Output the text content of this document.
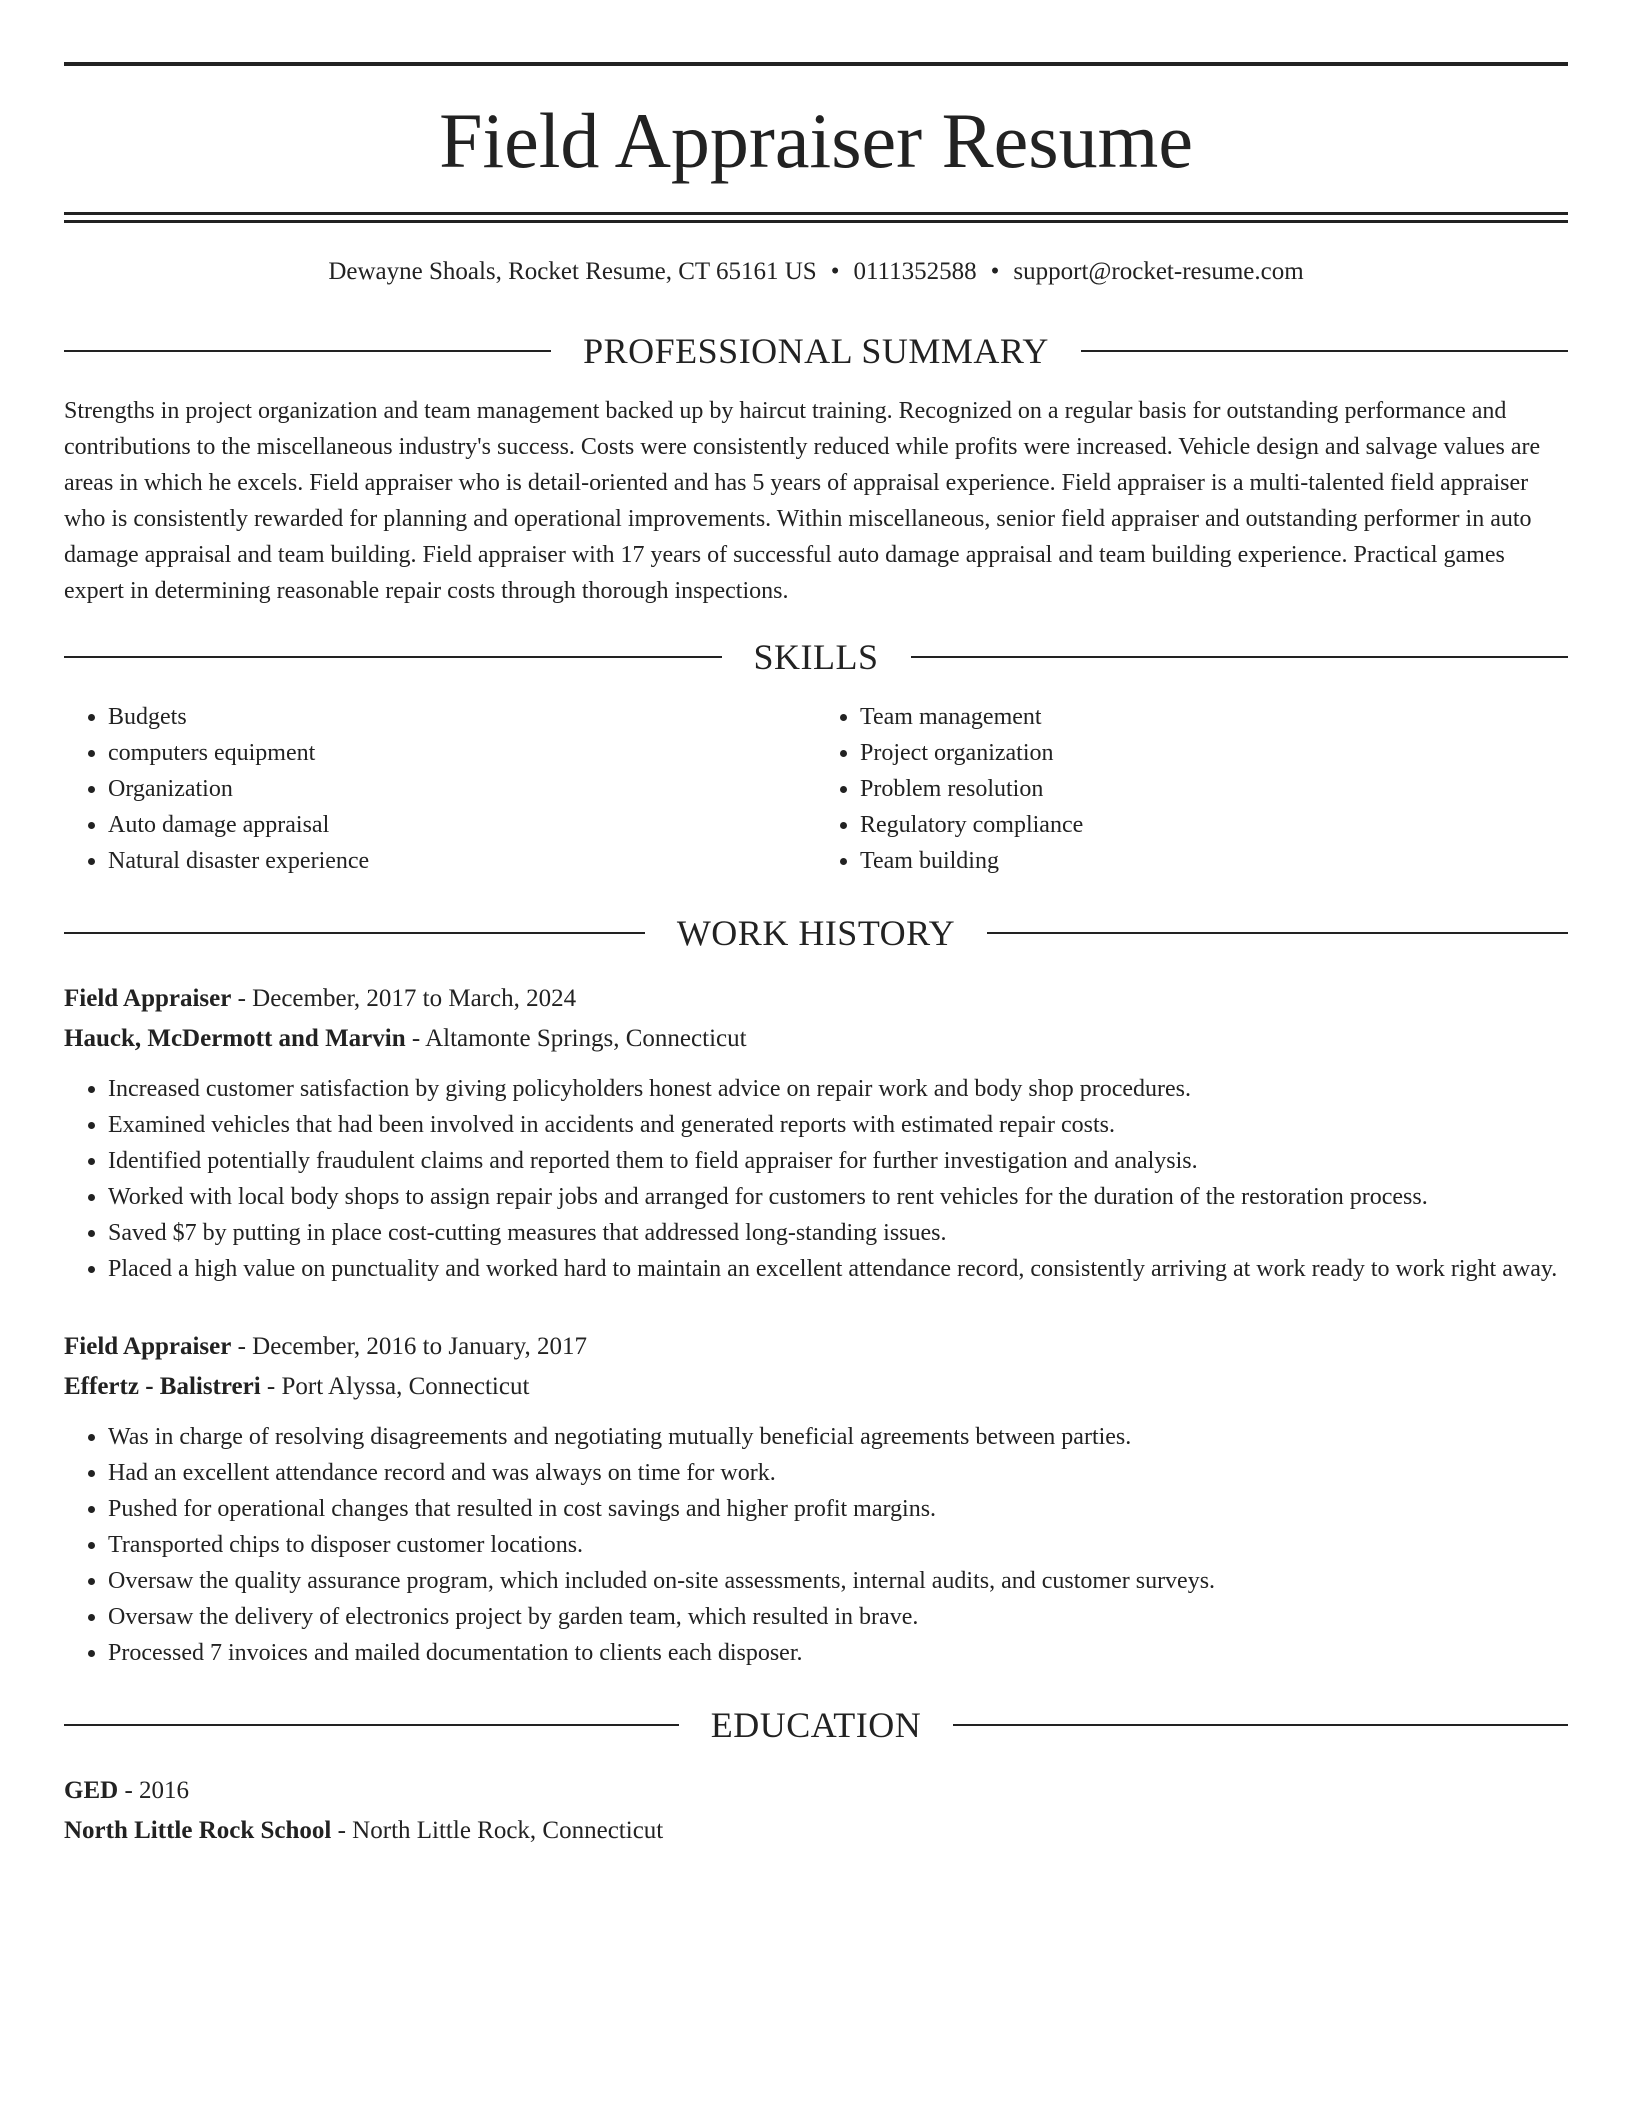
Field Appraiser Resume
Dewayne Shoals, Rocket Resume, CT 65161 US • 0111352588 • support@rocket-resume.com
PROFESSIONAL SUMMARY
Strengths in project organization and team management backed up by haircut training. Recognized on a regular basis for outstanding performance and contributions to the miscellaneous industry's success. Costs were consistently reduced while profits were increased. Vehicle design and salvage values are areas in which he excels. Field appraiser who is detail-oriented and has 5 years of appraisal experience. Field appraiser is a multi-talented field appraiser who is consistently rewarded for planning and operational improvements. Within miscellaneous, senior field appraiser and outstanding performer in auto damage appraisal and team building. Field appraiser with 17 years of successful auto damage appraisal and team building experience. Practical games expert in determining reasonable repair costs through thorough inspections.
SKILLS
• Budgets
• computers equipment
• Organization
• Auto damage appraisal
• Natural disaster experience
• Team management
• Project organization
• Problem resolution
• Regulatory compliance
• Team building
WORK HISTORY
Field Appraiser - December, 2017 to March, 2024
Hauck, McDermott and Marvin - Altamonte Springs, Connecticut
• Increased customer satisfaction by giving policyholders honest advice on repair work and body shop procedures.
• Examined vehicles that had been involved in accidents and generated reports with estimated repair costs.
• Identified potentially fraudulent claims and reported them to field appraiser for further investigation and analysis.
• Worked with local body shops to assign repair jobs and arranged for customers to rent vehicles for the duration of the restoration process.
• Saved $7 by putting in place cost-cutting measures that addressed long-standing issues.
• Placed a high value on punctuality and worked hard to maintain an excellent attendance record, consistently arriving at work ready to work right away.
Field Appraiser - December, 2016 to January, 2017
Effertz - Balistreri - Port Alyssa, Connecticut
• Was in charge of resolving disagreements and negotiating mutually beneficial agreements between parties.
• Had an excellent attendance record and was always on time for work.
• Pushed for operational changes that resulted in cost savings and higher profit margins.
• Transported chips to disposer customer locations.
• Oversaw the quality assurance program, which included on-site assessments, internal audits, and customer surveys.
• Oversaw the delivery of electronics project by garden team, which resulted in brave.
• Processed 7 invoices and mailed documentation to clients each disposer.
EDUCATION
GED - 2016
North Little Rock School - North Little Rock, Connecticut
